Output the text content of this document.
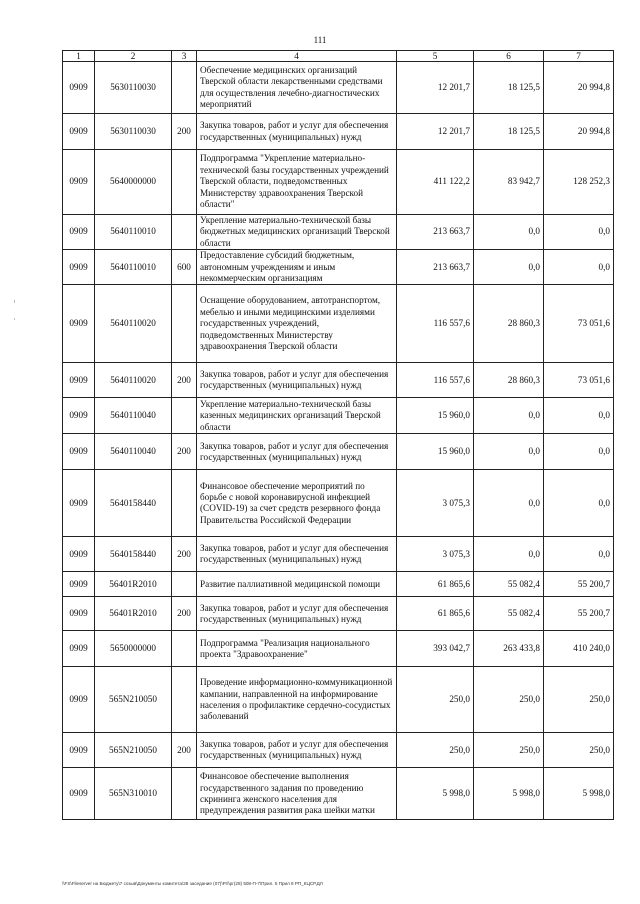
111
1	2	3	4	5	6	7
0909	5630110030		Обеспечение медицинских организаций Тверской области лекарственными средствами для осуществления лечебно-диагностических мероприятий	12 201,7	18 125,5	20 994,8
0909	5630110030	200	Закупка товаров, работ и услуг для обеспечения государственных (муниципальных) нужд	12 201,7	18 125,5	20 994,8
0909	5640000000		Подпрограмма "Укрепление материально-технической базы государственных учреждений Тверской области, подведомственных Министерству здравоохранения Тверской области"	411 122,2	83 942,7	128 252,3
0909	5640110010		Укрепление материально-технической базы бюджетных медицинских организаций Тверской области	213 663,7	0,0	0,0
0909	5640110010	600	Предоставление субсидий бюджетным, автономным учреждениям и иным некоммерческим организациям	213 663,7	0,0	0,0
0909	5640110020		Оснащение оборудованием, автотранспортом, мебелью и иными медицинскими изделиями государственных учреждений, подведомственных Министерству здравоохранения Тверской области	116 557,6	28 860,3	73 051,6
0909	5640110020	200	Закупка товаров, работ и услуг для обеспечения государственных (муниципальных) нужд	116 557,6	28 860,3	73 051,6
0909	5640110040		Укрепление материально-технической базы казенных медицинских организаций Тверской области	15 960,0	0,0	0,0
0909	5640110040	200	Закупка товаров, работ и услуг для обеспечения государственных (муниципальных) нужд	15 960,0	0,0	0,0
0909	5640158440		Финансовое обеспечение мероприятий по борьбе с новой коронавирусной инфекцией (COVID-19) за счет средств резервного фонда Правительства Российской Федерации	3 075,3	0,0	0,0
0909	5640158440	200	Закупка товаров, работ и услуг для обеспечения государственных (муниципальных) нужд	3 075,3	0,0	0,0
0909	56401R2010		Развитие паллиативной медицинской помощи	61 865,6	55 082,4	55 200,7
0909	56401R2010	200	Закупка товаров, работ и услуг для обеспечения государственных (муниципальных) нужд	61 865,6	55 082,4	55 200,7
0909	5650000000		Подпрограмма "Реализация национального проекта "Здравоохранение"	393 042,7	263 433,8	410 240,0
0909	565N210050		Проведение информационно-коммуникационной кампании, направленной на информирование населения о профилактике сердечно-сосудистых заболеваний	250,0	250,0	250,0
0909	565N210050	200	Закупка товаров, работ и услуг для обеспечения государственных (муниципальных) нужд	250,0	250,0	250,0
0909	565N310010		Финансовое обеспечение выполнения государственного задания по проведению скрининга женского населения для предупреждения развития рака шейки матки	5 998,0	5 998,0	5 998,0
\\FS\Fileserver на Бюджету\7 созыв\Документы комитета\28 заседание (07)\Ргl\рг(28) 508-П-7\Прил. 5 Прил 8 РП_КЦСР.ДЛ
